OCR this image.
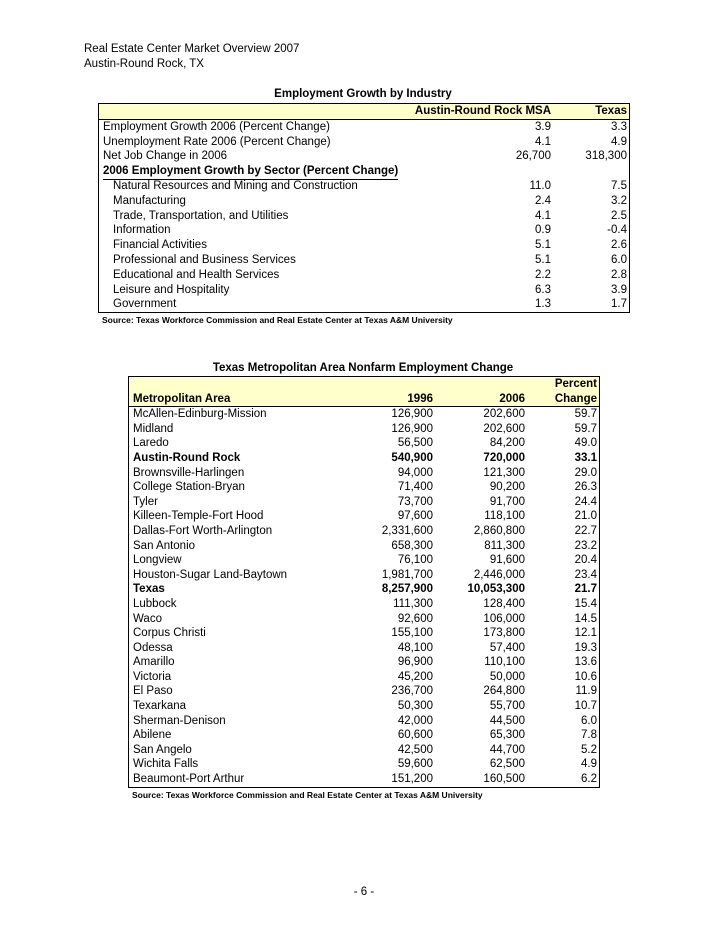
Real Estate Center Market Overview 2007
Austin-Round Rock, TX
Employment Growth by Industry
Austin-Round Rock MSA	Texas
Employment Growth 2006 (Percent Change)	3.9	3.3
Unemployment Rate 2006 (Percent Change)	4.1	4.9
Net Job Change in 2006	26,700	318,300
2006 Employment Growth by Sector (Percent Change)
Natural Resources and Mining and Construction	11.0	7.5
Manufacturing	2.4	3.2
Trade, Transportation, and Utilities	4.1	2.5
Information	0.9	-0.4
Financial Activities	5.1	2.6
Professional and Business Services	5.1	6.0
Educational and Health Services	2.2	2.8
Leisure and Hospitality	6.3	3.9
Government	1.3	1.7
Source: Texas Workforce Commission and Real Estate Center at Texas A&M University
Texas Metropolitan Area Nonfarm Employment Change
Percent
Metropolitan Area	1996	2006	Change
McAllen-Edinburg-Mission	126,900	202,600	59.7
Midland	126,900	202,600	59.7
Laredo	56,500	84,200	49.0
Austin-Round Rock	540,900	720,000	33.1
Brownsville-Harlingen	94,000	121,300	29.0
College Station-Bryan	71,400	90,200	26.3
Tyler	73,700	91,700	24.4
Killeen-Temple-Fort Hood	97,600	118,100	21.0
Dallas-Fort Worth-Arlington	2,331,600	2,860,800	22.7
San Antonio	658,300	811,300	23.2
Longview	76,100	91,600	20.4
Houston-Sugar Land-Baytown	1,981,700	2,446,000	23.4
Texas	8,257,900	10,053,300	21.7
Lubbock	111,300	128,400	15.4
Waco	92,600	106,000	14.5
Corpus Christi	155,100	173,800	12.1
Odessa	48,100	57,400	19.3
Amarillo	96,900	110,100	13.6
Victoria	45,200	50,000	10.6
El Paso	236,700	264,800	11.9
Texarkana	50,300	55,700	10.7
Sherman-Denison	42,000	44,500	6.0
Abilene	60,600	65,300	7.8
San Angelo	42,500	44,700	5.2
Wichita Falls	59,600	62,500	4.9
Beaumont-Port Arthur	151,200	160,500	6.2
Source: Texas Workforce Commission and Real Estate Center at Texas A&M University
- 6 -
